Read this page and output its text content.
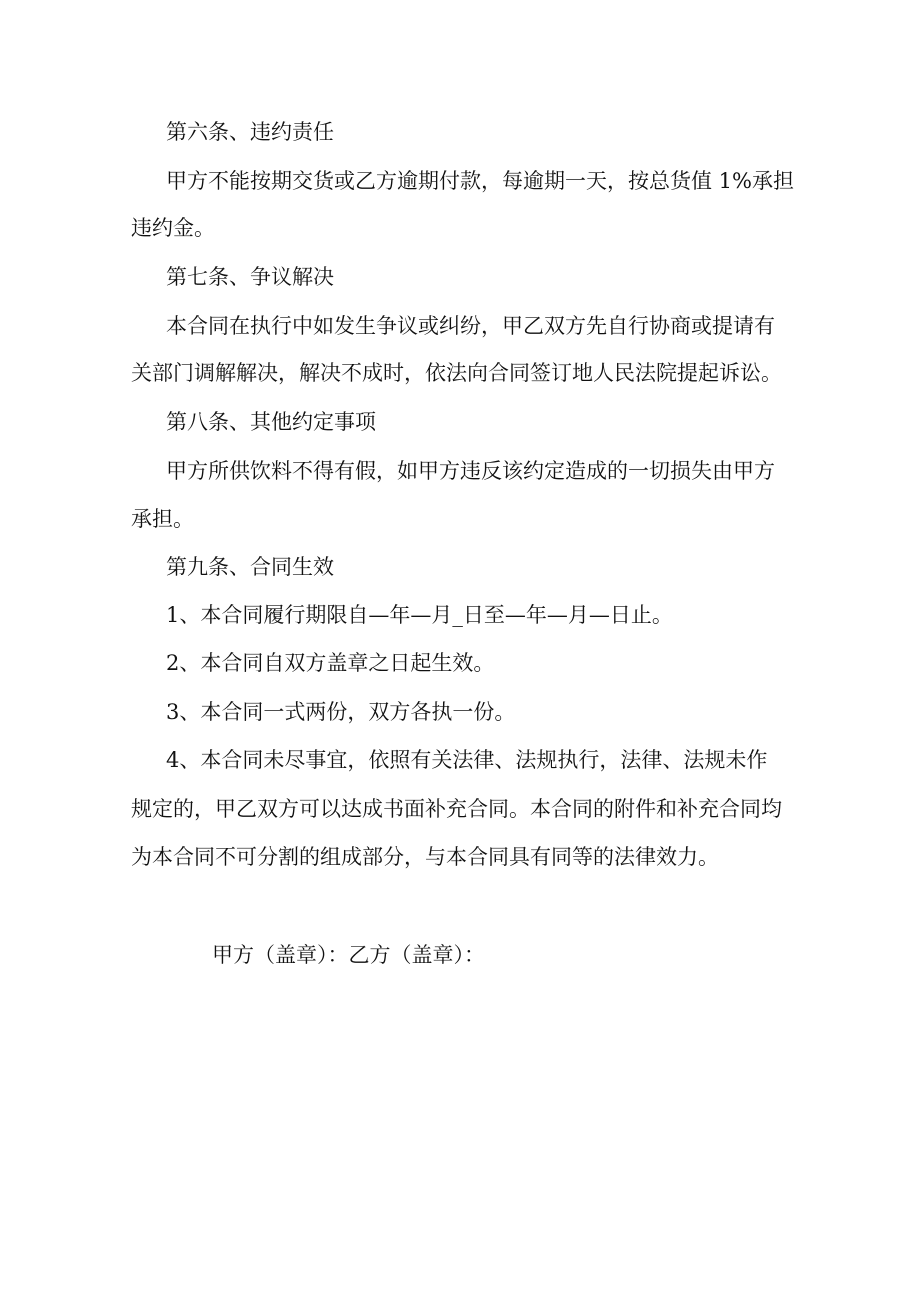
第六条、违约责任
甲方不能按期交货或乙方逾期付款，每逾期一天，按总货值 1%承担
违约金。
第七条、争议解决
本合同在执行中如发生争议或纠纷，甲乙双方先自行协商或提请有
关部门调解解决，解决不成时，依法向合同签订地人民法院提起诉讼。
第八条、其他约定事项
甲方所供饮料不得有假，如甲方违反该约定造成的一切损失由甲方
承担。
第九条、合同生效
1、本合同履行期限自—年—月_日至—年—月—日止。
2、本合同自双方盖章之日起生效。
3、本合同一式两份，双方各执一份。
4、本合同未尽事宜，依照有关法律、法规执行，法律、法规未作
规定的，甲乙双方可以达成书面补充合同。本合同的附件和补充合同均
为本合同不可分割的组成部分，与本合同具有同等的法律效力。
甲方（盖章）：乙方（盖章）：
